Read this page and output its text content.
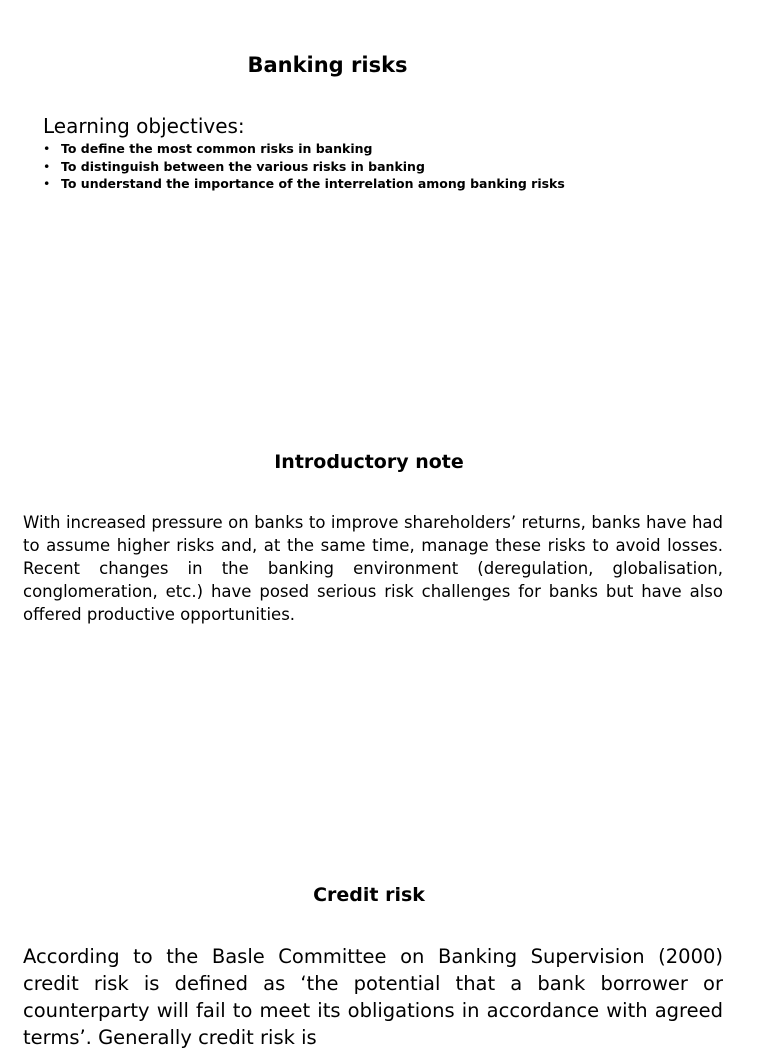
Banking risks
Learning objectives:
• To define the most common risks in banking
• To distinguish between the various risks in banking
• To understand the importance of the interrelation among banking risks
Introductory note
With increased pressure on banks to improve shareholders’ returns, banks have had to assume higher risks and, at the same time, manage these risks to avoid losses. Recent changes in the banking environment (deregulation, globalisation, conglomeration, etc.) have posed serious risk challenges for banks but have also offered productive opportunities.
Credit risk
According to the Basle Committee on Banking Supervision (2000) credit risk is defined as ‘the potential that a bank borrower or counterparty will fail to meet its obligations in accordance with agreed terms’. Generally credit risk is
